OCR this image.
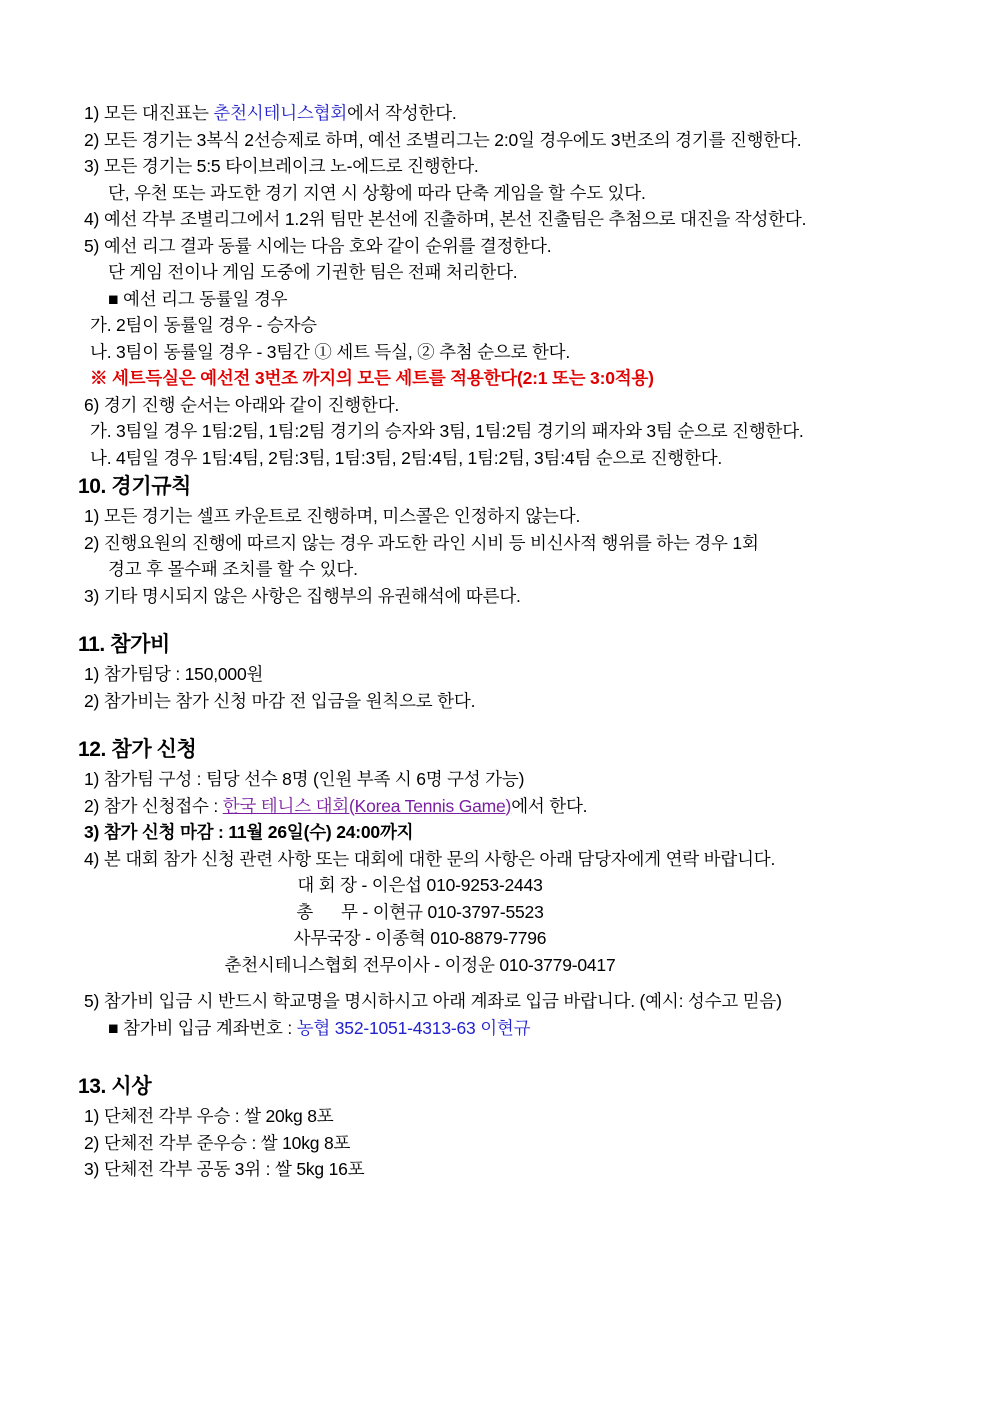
1) 모든 대진표는 춘천시테니스협회에서 작성한다.
2) 모든 경기는 3복식 2선승제로 하며, 예선 조별리그는 2:0일 경우에도 3번조의 경기를 진행한다.
3) 모든 경기는 5:5 타이브레이크 노-에드로 진행한다.
단, 우천 또는 과도한 경기 지연 시 상황에 따라 단축 게임을 할 수도 있다.
4) 예선 각부 조별리그에서 1.2위 팀만 본선에 진출하며, 본선 진출팀은 추첨으로 대진을 작성한다.
5) 예선 리그 결과 동률 시에는 다음 호와 같이 순위를 결정한다.
단 게임 전이나 게임 도중에 기권한 팀은 전패 처리한다.
■ 예선 리그 동률일 경우
가. 2팀이 동률일 경우 - 승자승
나. 3팀이 동률일 경우 - 3팀간 ① 세트 득실, ② 추첨 순으로 한다.
※ 세트득실은 예선전 3번조 까지의 모든 세트를 적용한다(2:1 또는 3:0적용)
6) 경기 진행 순서는 아래와 같이 진행한다.
가. 3팀일 경우 1팀:2팀, 1팀:2팀 경기의 승자와 3팀, 1팀:2팀 경기의 패자와 3팀 순으로 진행한다.
나. 4팀일 경우 1팀:4팀, 2팀:3팀, 1팀:3팀, 2팀:4팀, 1팀:2팀, 3팀:4팀 순으로 진행한다.
10. 경기규칙
1) 모든 경기는 셀프 카운트로 진행하며, 미스콜은 인정하지 않는다.
2) 진행요원의 진행에 따르지 않는 경우 과도한 라인 시비 등 비신사적 행위를 하는 경우 1회
경고 후 몰수패 조치를 할 수 있다.
3) 기타 명시되지 않은 사항은 집행부의 유권해석에 따른다.
11. 참가비
1) 참가팀당 : 150,000원
2) 참가비는 참가 신청 마감 전 입금을 원칙으로 한다.
12. 참가 신청
1) 참가팀 구성 : 팀당 선수 8명 (인원 부족 시 6명 구성 가능)
2) 참가 신청접수 : 한국 테니스 대회(Korea Tennis Game)에서 한다.
3) 참가 신청 마감 : 11월 26일(수) 24:00까지
4) 본 대회 참가 신청 관련 사항 또는 대회에 대한 문의 사항은 아래 담당자에게 연락 바랍니다.
대 회 장 - 이은섭 010-9253-2443
총      무 - 이현규 010-3797-5523
사무국장 - 이종혁 010-8879-7796
춘천시테니스협회 전무이사 - 이정운 010-3779-0417
5) 참가비 입금 시 반드시 학교명을 명시하시고 아래 계좌로 입금 바랍니다. (예시: 성수고 믿음)
■ 참가비 입금 계좌번호 : 농협 352-1051-4313-63 이현규
13. 시상
1) 단체전 각부 우승 : 쌀 20kg 8포
2) 단체전 각부 준우승 : 쌀 10kg 8포
3) 단체전 각부 공동 3위 : 쌀 5kg 16포
